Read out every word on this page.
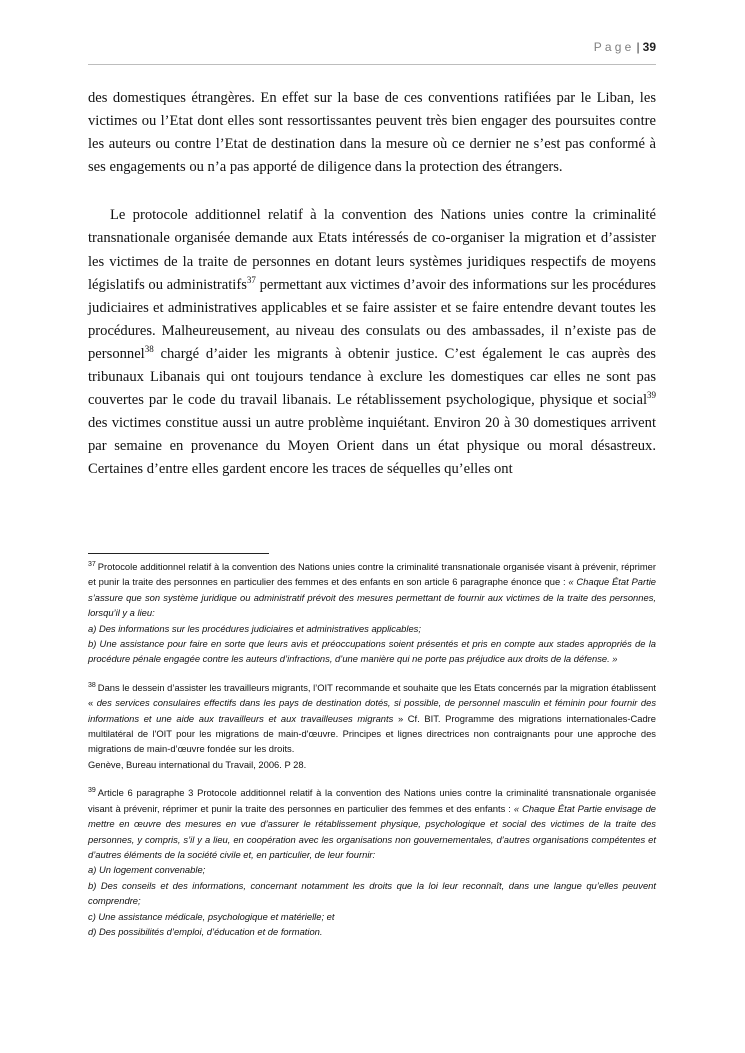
Page | 39

des domestiques étrangères. En effet sur la base de ces conventions ratifiées par le Liban, les victimes ou l’Etat dont elles sont ressortissantes peuvent très bien engager des poursuites contre les auteurs ou contre l’Etat de destination dans la mesure où ce dernier ne s’est pas conformé à ses engagements ou n’a pas apporté de diligence dans la protection des étrangers.

Le protocole additionnel relatif à la convention des Nations unies contre la criminalité transnationale organisée demande aux Etats intéressés de co-organiser la migration et d’assister les victimes de la traite de personnes en dotant leurs systèmes juridiques respectifs de moyens législatifs ou administratifs$^{37}$ permettant aux victimes d’avoir des informations sur les procédures judiciaires et administratives applicables et se faire assister et se faire entendre devant toutes les procédures. Malheureusement, au niveau des consulats ou des ambassades, il n’existe pas de personnel$^{38}$ chargé d’aider les migrants à obtenir justice. C’est également le cas auprès des tribunaux Libanais qui ont toujours tendance à exclure les domestiques car elles ne sont pas couvertes par le code du travail libanais. Le rétablissement psychologique, physique et social$^{39}$ des victimes constitue aussi un autre problème inquiétant. Environ 20 à 30 domestiques arrivent par semaine en provenance du Moyen Orient dans un état physique ou moral désastreux. Certaines d’entre elles gardent encore les traces de séquelles qu’elles ont

$^{37}$ Protocole additionnel relatif à la convention des Nations unies contre la criminalité transnationale organisée visant à prévenir, réprimer et punir la traite des personnes en particulier des femmes et des enfants en son article 6 paragraphe énonce que : « Chaque État Partie s’assure que son système juridique ou administratif prévoit des mesures permettant de fournir aux victimes de la traite des personnes, lorsqu’il y a lieu:
a) Des informations sur les procédures judiciaires et administratives applicables;
b) Une assistance pour faire en sorte que leurs avis et préoccupations soient présentés et pris en compte aux stades appropriés de la procédure pénale engagée contre les auteurs d’infractions, d’une manière qui ne porte pas préjudice aux droits de la défense. »
$^{38}$ Dans le dessein d’assister les travailleurs migrants, l’OIT recommande et souhaite que les Etats concernés par la migration établissent « des services consulaires effectifs dans les pays de destination dotés, si possible, de personnel masculin et féminin pour fournir des informations et une aide aux travailleurs et aux travailleuses migrants » Cf. BIT. Programme des migrations internationales-Cadre multilatéral de l'OIT pour les migrations de main-d'œuvre. Principes et lignes directrices non contraignants pour une approche des migrations de main-d’œuvre fondée sur les droits.
Genève, Bureau international du Travail, 2006. P 28.
$^{39}$ Article 6 paragraphe 3 Protocole additionnel relatif à la convention des Nations unies contre la criminalité transnationale organisée visant à prévenir, réprimer et punir la traite des personnes en particulier des femmes et des enfants : « Chaque État Partie envisage de mettre en œuvre des mesures en vue d’assurer le rétablissement physique, psychologique et social des victimes de la traite des personnes, y compris, s’il y a lieu, en coopération avec les organisations non gouvernementales, d’autres organisations compétentes et d’autres éléments de la société civile et, en particulier, de leur fournir:
a) Un logement convenable;
b) Des conseils et des informations, concernant notamment les droits que la loi leur reconnaît, dans une langue qu’elles peuvent comprendre;
c) Une assistance médicale, psychologique et matérielle; et
d) Des possibilités d’emploi, d’éducation et de formation.
